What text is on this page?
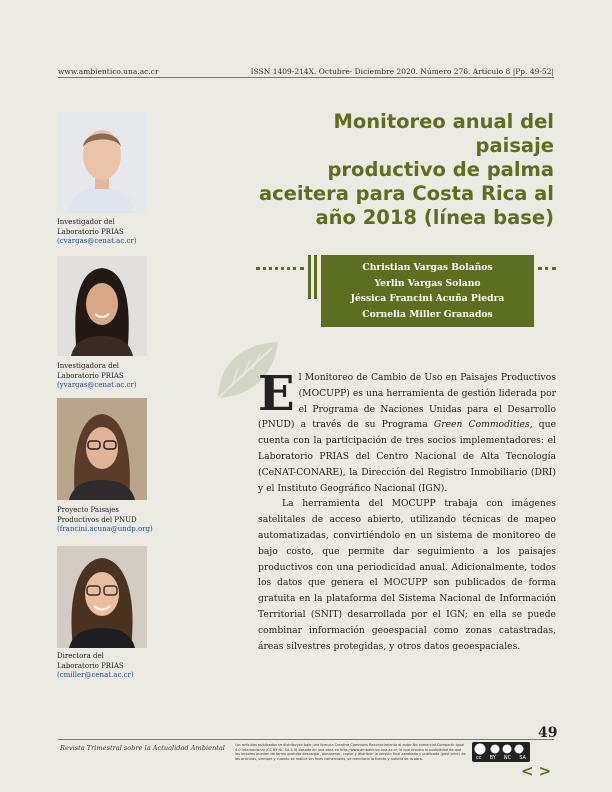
www.ambientico.una.ac.cr	ISSN 1409-214X. Octubre- Diciembre 2020. Número 276. Artículo 8 |Pp. 49-52|
Monitoreo anual del paisaje
productivo de palma
aceitera para Costa Rica al
año 2018 (línea base)
Christian Vargas Bolaños
Yerlin Vargas Solano
Jéssica Francini Acuña Piedra
Cornelia Miller Granados
Investigador del
Laboratorio PRIAS
(cvargas@cenat.ac.cr)
Investigadora del
Laboratorio PRIAS
(yvargas@cenat.ac.cr)
Proyecto Paisajes
Productivos del PNUD
(francini.acuna@undp.org)
Directora del
Laboratorio PRIAS
(cmiller@cenat.ac.cr)

El Monitoreo de Cambio de Uso en Paisajes Productivos (MOCUPP) es una herramienta de gestión liderada por el Programa de Naciones Unidas para el Desarrollo (PNUD) a través de su Programa Green Commodities, que cuenta con la participación de tres socios implementadores: el Laboratorio PRIAS del Centro Nacional de Alta Tecnología (CeNAT-CONARE), la Dirección del Registro Inmobiliario (DRI) y el Instituto Geográfico Nacional (IGN).

La herramienta del MOCUPP trabaja con imágenes satelitales de acceso abierto, utilizando técnicas de mapeo automatizadas, convirtiéndolo en un sistema de monitoreo de bajo costo, que permite dar seguimiento a los paisajes productivos con una periodicidad anual. Adicionalmente, todos los datos que genera el MOCUPP son publicados de forma gratuita en la plataforma del Sistema Nacional de Información Territorial (SNIT) desarrollada por el IGN; en ella se puede combinar información geoespacial como zonas catastradas, áreas silvestres protegidas, y otros datos geoespaciales.

49
Revista Trimestral sobre la Actualidad Ambiental	Los artículos publicados se distribuyen bajo una licencia Creative Commons Reconocimiento al autor-No comercial-Compartir igual 4.0 Internacional (CC BY NC SA 4.0) basada en una obra en http://www.ambientico.una.ac.cr, lo que implica la posibilidad de que los lectores puedan de forma gratuita descargar, almacenar, copiar y distribuir la versión final aprobada y publicada (post print) de los artículos, siempre y cuando se realice sin fines comerciales, se mencione la fuente y autoría de la obra.	cc BY NC SA
<>
